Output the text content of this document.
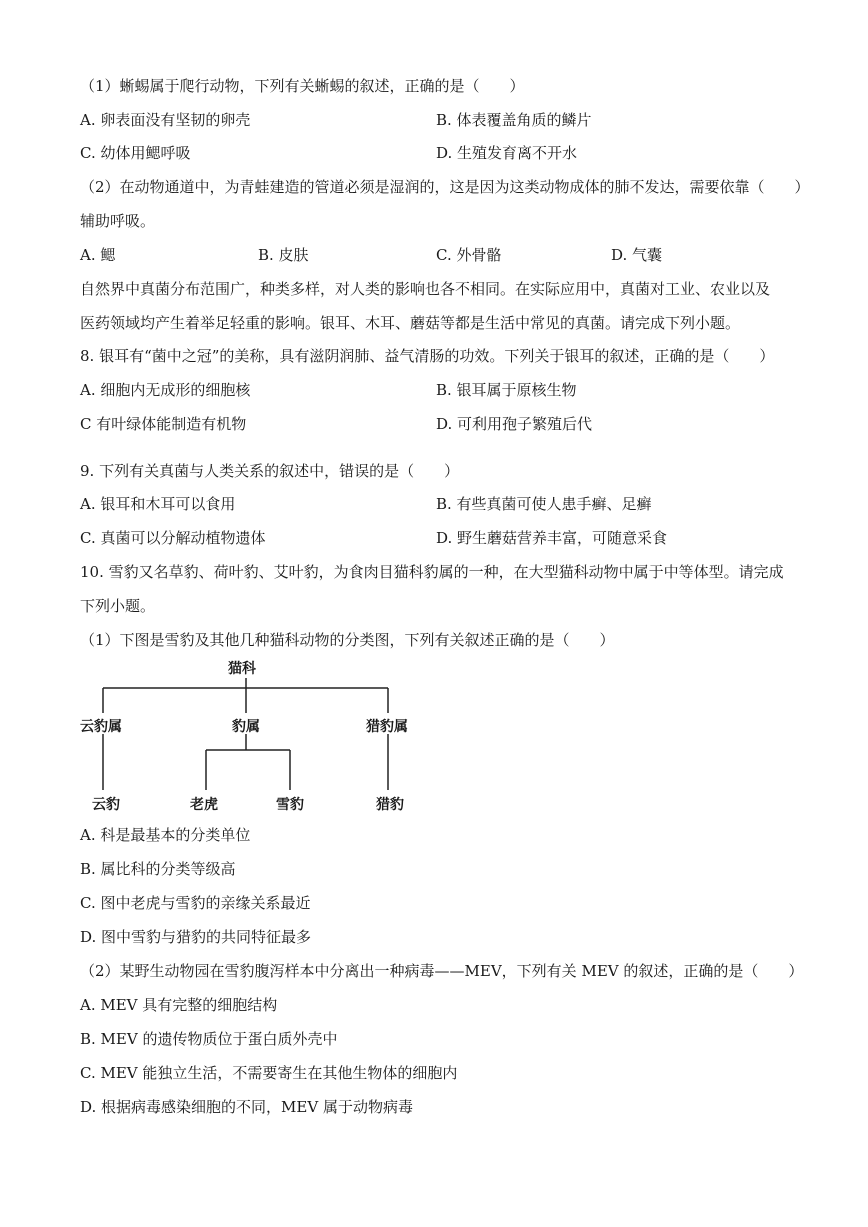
（1）蜥蜴属于爬行动物，下列有关蜥蜴的叙述，正确的是（　　）
A. 卵表面没有坚韧的卵壳	B. 体表覆盖角质的鳞片
C. 幼体用鳃呼吸	D. 生殖发育离不开水
（2）在动物通道中，为青蛙建造的管道必须是湿润的，这是因为这类动物成体的肺不发达，需要依靠（　　）
辅助呼吸。
A. 鳃	B. 皮肤	C. 外骨骼	D. 气囊
自然界中真菌分布范围广，种类多样，对人类的影响也各不相同。在实际应用中，真菌对工业、农业以及
医药领域均产生着举足轻重的影响。银耳、木耳、蘑菇等都是生活中常见的真菌。请完成下列小题。
8. 银耳有“菌中之冠”的美称，具有滋阴润肺、益气清肠的功效。下列关于银耳的叙述，正确的是（　　）
A. 细胞内无成形的细胞核	B. 银耳属于原核生物
C 有叶绿体能制造有机物	D. 可利用孢子繁殖后代
9. 下列有关真菌与人类关系的叙述中，错误的是（　　）
A. 银耳和木耳可以食用	B. 有些真菌可使人患手癣、足癣
C. 真菌可以分解动植物遗体	D. 野生蘑菇营养丰富，可随意采食
10. 雪豹又名草豹、荷叶豹、艾叶豹，为食肉目猫科豹属的一种，在大型猫科动物中属于中等体型。请完成
下列小题。
（1）下图是雪豹及其他几种猫科动物的分类图，下列有关叙述正确的是（　　）
猫科
云豹属	豹属	猎豹属
云豹	老虎	雪豹	猎豹
A. 科是最基本的分类单位
B. 属比科的分类等级高
C. 图中老虎与雪豹的亲缘关系最近
D. 图中雪豹与猎豹的共同特征最多
（2）某野生动物园在雪豹腹泻样本中分离出一种病毒——MEV，下列有关 MEV 的叙述，正确的是（　　）
A. MEV 具有完整的细胞结构
B. MEV 的遗传物质位于蛋白质外壳中
C. MEV 能独立生活，不需要寄生在其他生物体的细胞内
D. 根据病毒感染细胞的不同，MEV 属于动物病毒
